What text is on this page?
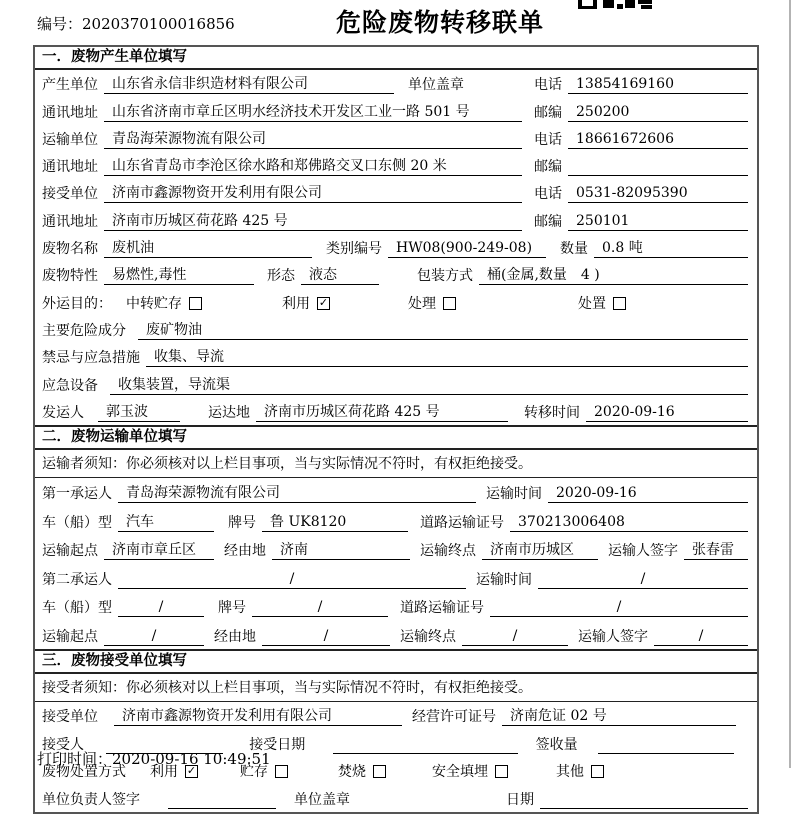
编号：2020370100016856	危险废物转移联单
一．废物产生单位填写
产生单位	山东省永信非织造材料有限公司	单位盖章	电话	13854169160
通讯地址	山东省济南市章丘区明水经济技术开发区工业一路 501 号	邮编	250200
运输单位	青岛海荣源物流有限公司	电话	18661672606
通讯地址	山东省青岛市李沧区徐水路和郑佛路交叉口东侧 20 米	邮编
接受单位	济南市鑫源物资开发利用有限公司	电话	0531-82095390
通讯地址	济南市历城区荷花路 425 号	邮编	250101
废物名称	废机油	类别编号	HW08(900-249-08)	数量	0.8 吨
废物特性	易燃性,毒性	形态	液态	包装方式	桶(金属,数量　4 )
外运目的： 中转贮存	利用 ✓	处理	处置
主要危险成分	废矿物油
禁忌与应急措施	收集、导流
应急设备	收集装置，导流渠
发运人	郭玉波	运达地	济南市历城区荷花路 425 号	转移时间	2020-09-16
二．废物运输单位填写
运输者须知：你必须核对以上栏目事项，当与实际情况不符时，有权拒绝接受。
第一承运人	青岛海荣源物流有限公司	运输时间	2020-09-16
车（船）型	汽车	牌号	鲁 UK8120	道路运输证号	370213006408
运输起点	济南市章丘区	经由地	济南	运输终点	济南市历城区	运输人签字	张春雷
第二承运人	/	运输时间	/
车（船）型	/	牌号	/	道路运输证号	/
运输起点	/	经由地	/	运输终点	/	运输人签字	/
三．废物接受单位填写
接受者须知：你必须核对以上栏目事项，当与实际情况不符时，有权拒绝接受。
接受单位	济南市鑫源物资开发利用有限公司	经营许可证号	济南危证 02 号
接受人	接受日期	签收量
废物处置方式 利用 ✓	贮存	焚烧	安全填埋	其他
单位负责人签字	单位盖章	日期
打印时间：2020-09-16 10:49:51
